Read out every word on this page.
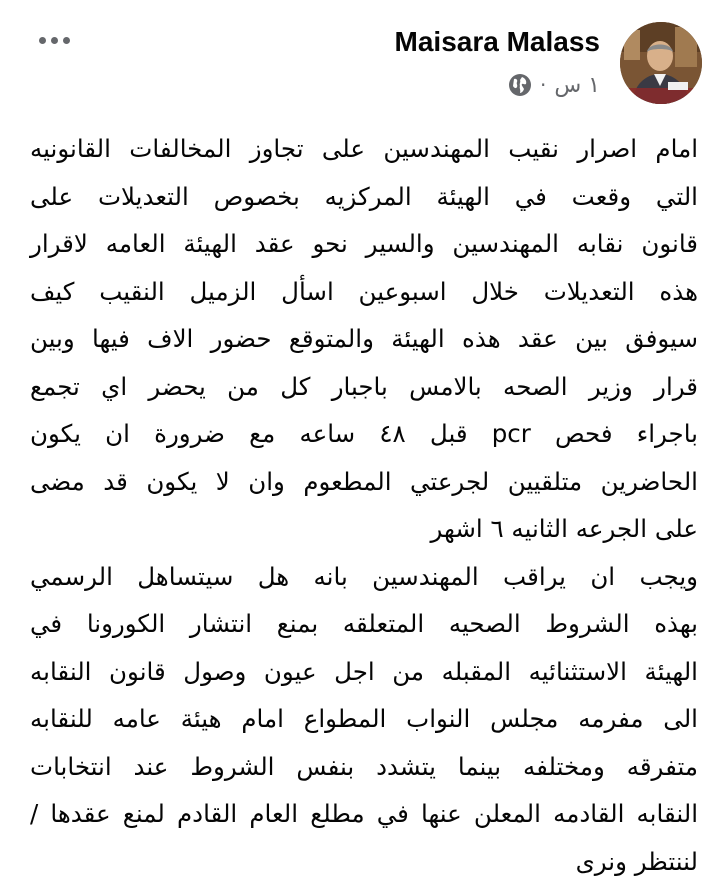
Maisara Malass
· ١ س
امام اصرار نقيب المهندسين على تجاوز المخالفات القانونيه
التي وقعت في الهيئة المركزيه بخصوص التعديلات على
قانون نقابه المهندسين والسير نحو عقد الهيئة العامه لاقرار
هذه التعديلات خلال اسبوعين اسأل الزميل النقيب كيف
سيوفق بين عقد هذه الهيئة والمتوقع حضور الاف فيها وبين
قرار وزير الصحه بالامس باجبار كل من يحضر اي تجمع
باجراء فحص pcr قبل ٤٨ ساعه مع ضرورة ان يكون
الحاضرين متلقيين لجرعتي المطعوم وان لا يكون قد مضى
على الجرعه الثانيه ٦ اشهر
ويجب ان يراقب المهندسين بانه هل سيتساهل الرسمي
بهذه الشروط الصحيه المتعلقه بمنع انتشار الكورونا في
الهيئة الاستثنائيه المقبله من اجل عيون وصول قانون النقابه
الى مفرمه مجلس النواب المطواع امام هيئة عامه للنقابه
متفرقه ومختلفه بينما يتشدد بنفس الشروط عند انتخابات
النقابه القادمه المعلن عنها في مطلع العام القادم لمنع عقدها /
لننتظر ونرى
